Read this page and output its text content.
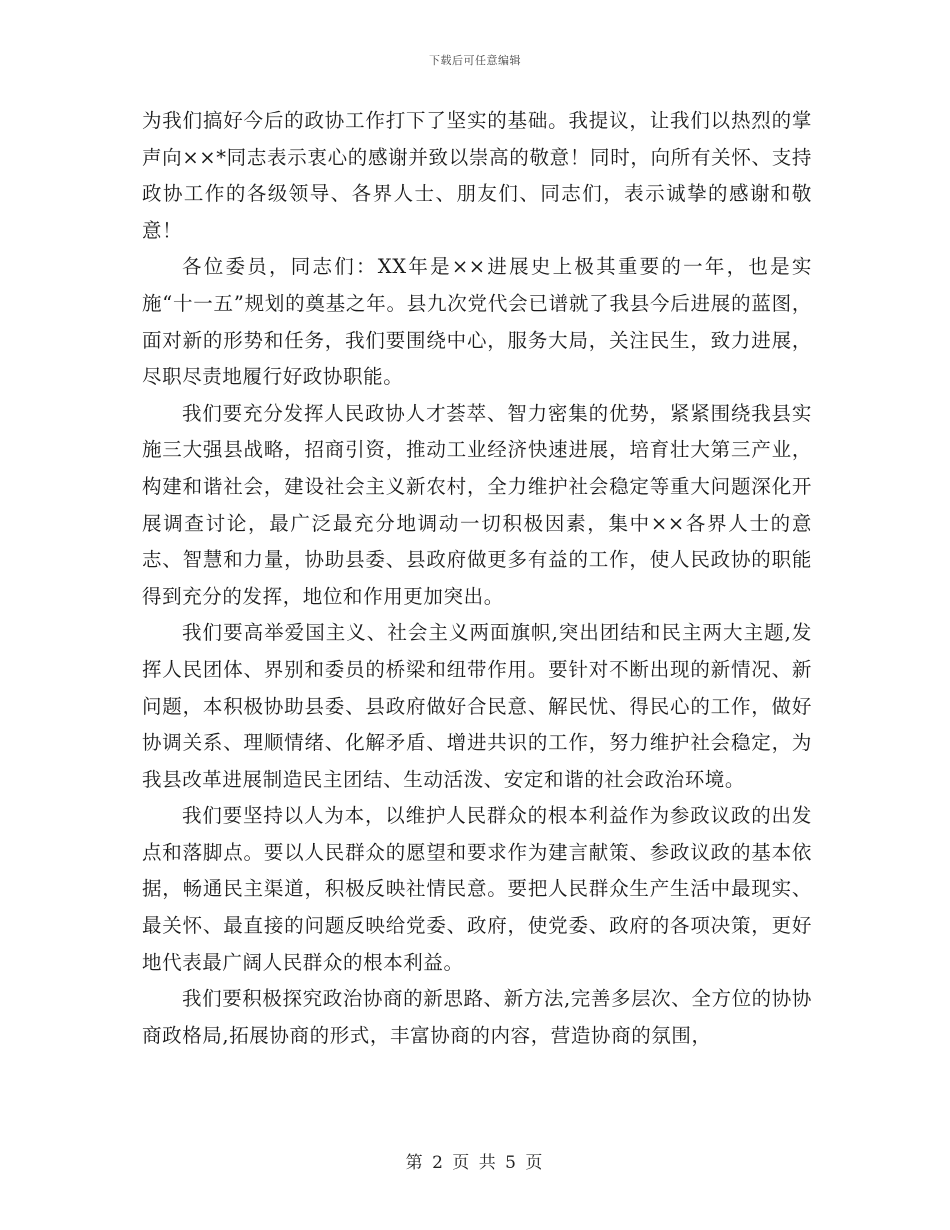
下载后可任意编辑

为我们搞好今后的政协工作打下了坚实的基础。我提议，让我们以热烈的掌声向××*同志表示衷心的感谢并致以崇高的敬意！同时，向所有关怀、支持政协工作的各级领导、各界人士、朋友们、同志们，表示诚挚的感谢和敬意！

各位委员，同志们：XX年是××进展史上极其重要的一年，也是实施“十一五”规划的奠基之年。县九次党代会已谱就了我县今后进展的蓝图，面对新的形势和任务，我们要围绕中心，服务大局，关注民生，致力进展，尽职尽责地履行好政协职能。

我们要充分发挥人民政协人才荟萃、智力密集的优势，紧紧围绕我县实施三大强县战略，招商引资，推动工业经济快速进展，培育壮大第三产业，构建和谐社会，建设社会主义新农村，全力维护社会稳定等重大问题深化开展调查讨论，最广泛最充分地调动一切积极因素，集中××各界人士的意志、智慧和力量，协助县委、县政府做更多有益的工作，使人民政协的职能得到充分的发挥，地位和作用更加突出。

我们要高举爱国主义、社会主义两面旗帜,突出团结和民主两大主题,发挥人民团体、界别和委员的桥梁和纽带作用。要针对不断出现的新情况、新问题，本积极协助县委、县政府做好合民意、解民忧、得民心的工作，做好协调关系、理顺情绪、化解矛盾、增进共识的工作，努力维护社会稳定，为我县改革进展制造民主团结、生动活泼、安定和谐的社会政治环境。

我们要坚持以人为本，以维护人民群众的根本利益作为参政议政的出发点和落脚点。要以人民群众的愿望和要求作为建言献策、参政议政的基本依据，畅通民主渠道，积极反映社情民意。要把人民群众生产生活中最现实、最关怀、最直接的问题反映给党委、政府，使党委、政府的各项决策，更好地代表最广阔人民群众的根本利益。

我们要积极探究政治协商的新思路、新方法,完善多层次、全方位的协协商政格局,拓展协商的形式，丰富协商的内容，营造协商的氛围，

第 2 页 共 5 页
